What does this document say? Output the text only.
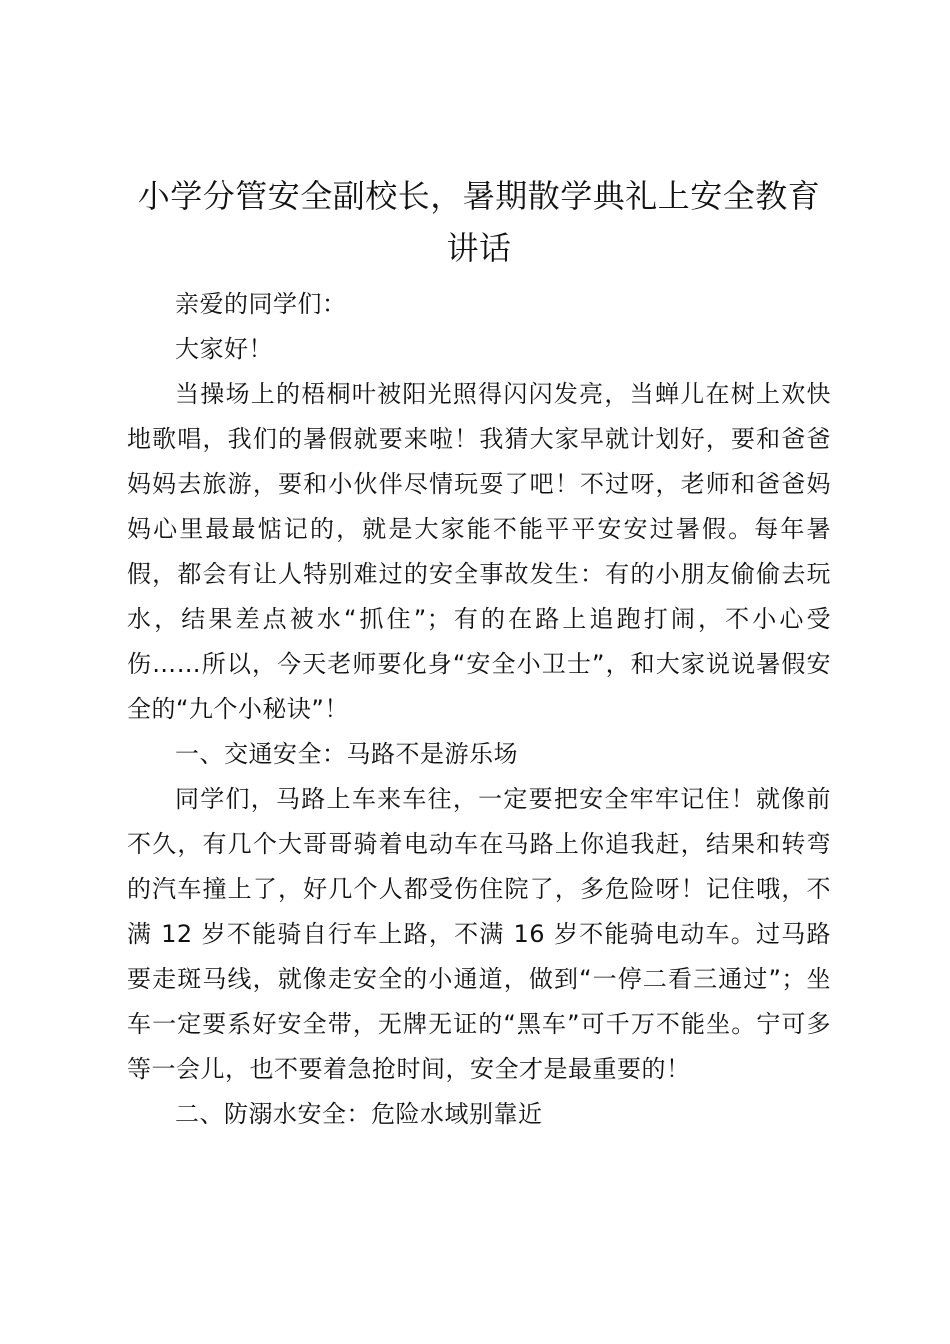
小学分管安全副校长，暑期散学典礼上安全教育讲话

亲爱的同学们：

大家好！

当操场上的梧桐叶被阳光照得闪闪发亮，当蝉儿在树上欢快地歌唱，我们的暑假就要来啦！我猜大家早就计划好，要和爸爸妈妈去旅游，要和小伙伴尽情玩耍了吧！不过呀，老师和爸爸妈妈心里最最惦记的，就是大家能不能平平安安过暑假。每年暑假，都会有让人特别难过的安全事故发生：有的小朋友偷偷去玩水，结果差点被水“抓住”；有的在路上追跑打闹，不小心受伤……所以，今天老师要化身“安全小卫士”，和大家说说暑假安全的“九个小秘诀”！

一、交通安全：马路不是游乐场

同学们，马路上车来车往，一定要把安全牢牢记住！就像前不久，有几个大哥哥骑着电动车在马路上你追我赶，结果和转弯的汽车撞上了，好几个人都受伤住院了，多危险呀！记住哦，不满 12 岁不能骑自行车上路，不满 16 岁不能骑电动车。过马路要走斑马线，就像走安全的小通道，做到“一停二看三通过”；坐车一定要系好安全带，无牌无证的“黑车”可千万不能坐。宁可多等一会儿，也不要着急抢时间，安全才是最重要的！

二、防溺水安全：危险水域别靠近
